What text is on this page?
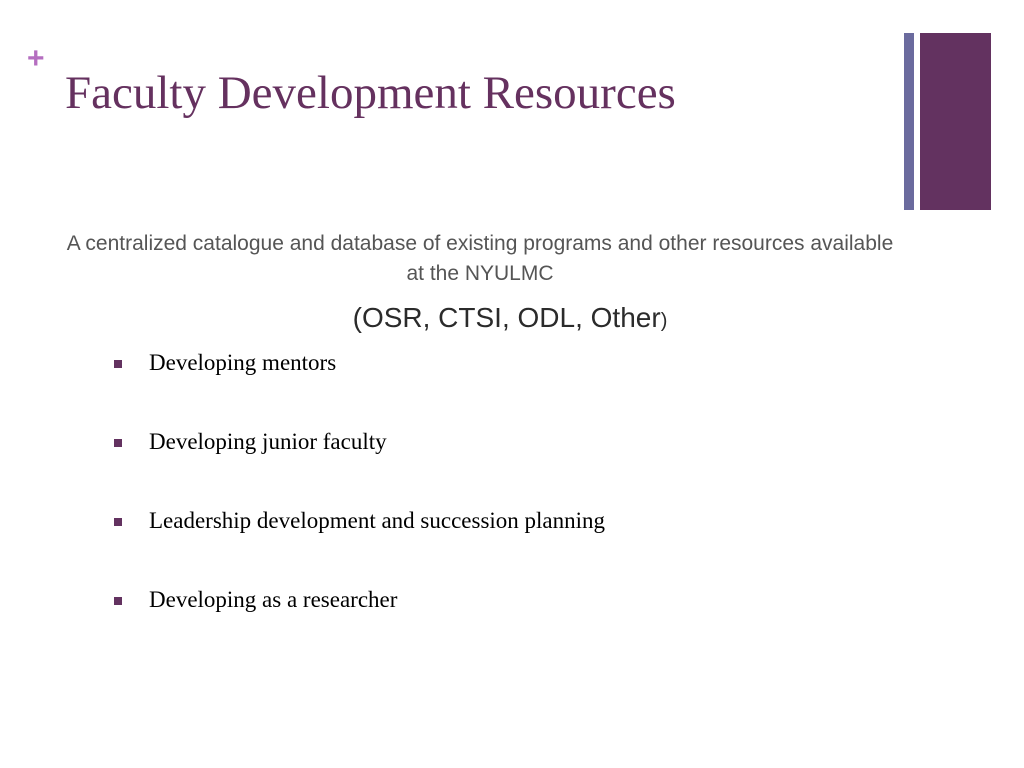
+
Faculty Development Resources

A centralized catalogue and database of existing programs and other resources available at the NYULMC

(OSR, CTSI, ODL, Other)

Developing mentors
Developing junior faculty
Leadership development and succession planning
Developing as a researcher
